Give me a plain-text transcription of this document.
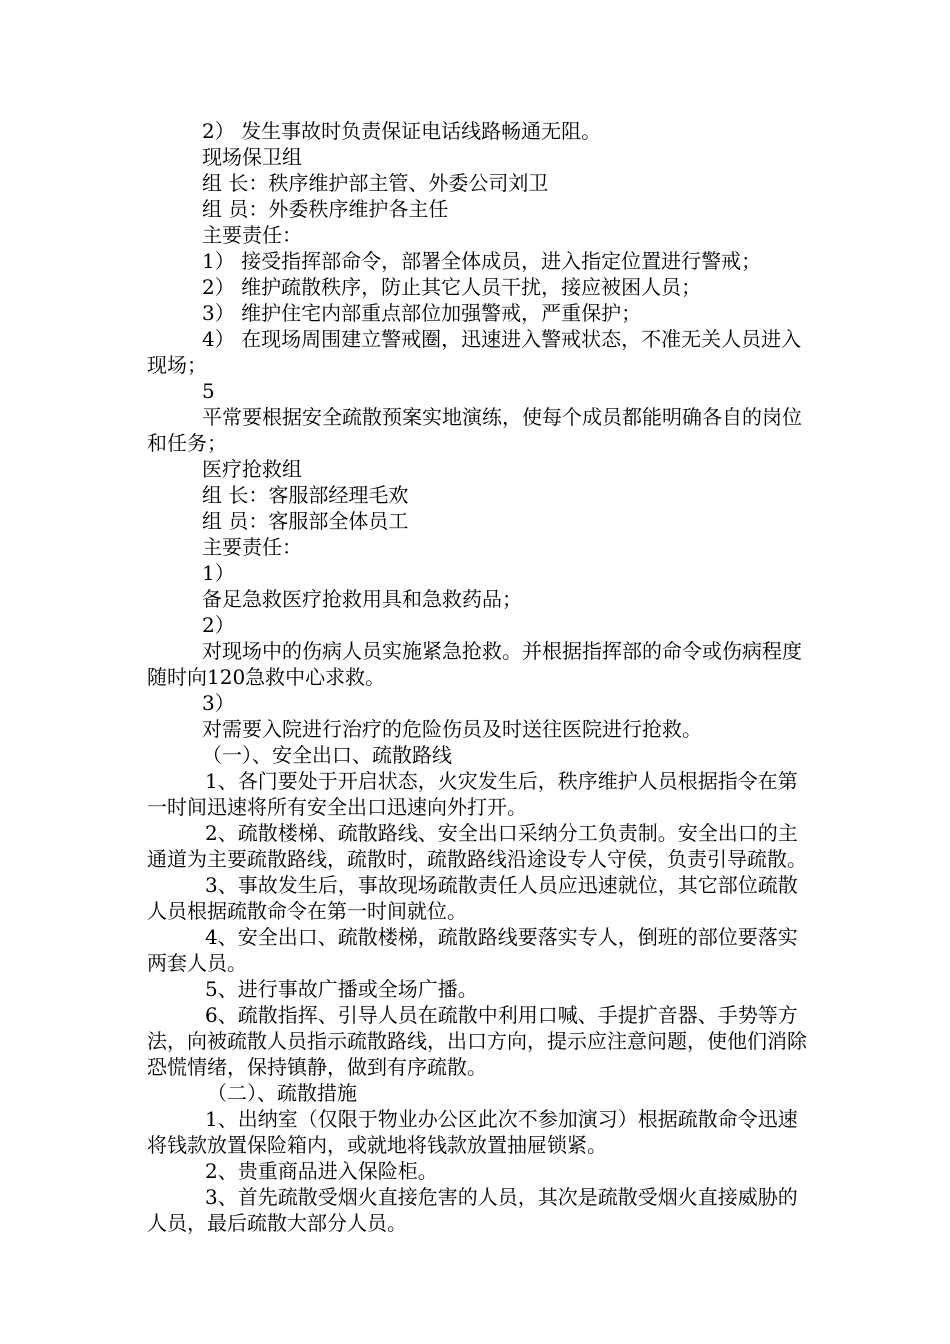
2） 发生事故时负责保证电话线路畅通无阻。

现场保卫组

组 长：秩序维护部主管、外委公司刘卫

组 员：外委秩序维护各主任

主要责任：

1） 接受指挥部命令，部署全体成员，进入指定位置进行警戒；

2） 维护疏散秩序，防止其它人员干扰，接应被困人员；

3） 维护住宅内部重点部位加强警戒，严重保护；

4） 在现场周围建立警戒圈，迅速进入警戒状态，不准无关人员进入现场；

5

平常要根据安全疏散预案实地演练，使每个成员都能明确各自的岗位和任务；

医疗抢救组

组 长：客服部经理毛欢

组 员：客服部全体员工

主要责任：

1）

备足急救医疗抢救用具和急救药品；

2）

对现场中的伤病人员实施紧急抢救。并根据指挥部的命令或伤病程度随时向120急救中心求救。

3）

对需要入院进行治疗的危险伤员及时送往医院进行抢救。

（一）、安全出口、疏散路线

1、各门要处于开启状态，火灾发生后，秩序维护人员根据指令在第一时间迅速将所有安全出口迅速向外打开。

2、疏散楼梯、疏散路线、安全出口采纳分工负责制。安全出口的主通道为主要疏散路线，疏散时，疏散路线沿途设专人守侯，负责引导疏散。

3、事故发生后，事故现场疏散责任人员应迅速就位，其它部位疏散人员根据疏散命令在第一时间就位。

4、安全出口、疏散楼梯，疏散路线要落实专人，倒班的部位要落实两套人员。

5、进行事故广播或全场广播。

6、疏散指挥、引导人员在疏散中利用口喊、手提扩音器、手势等方法，向被疏散人员指示疏散路线，出口方向，提示应注意问题，使他们消除恐慌情绪，保持镇静，做到有序疏散。

（二）、疏散措施

1、出纳室（仅限于物业办公区此次不参加演习）根据疏散命令迅速将钱款放置保险箱内，或就地将钱款放置抽屉锁紧。

2、贵重商品进入保险柜。

3、首先疏散受烟火直接危害的人员，其次是疏散受烟火直接威胁的人员，最后疏散大部分人员。
